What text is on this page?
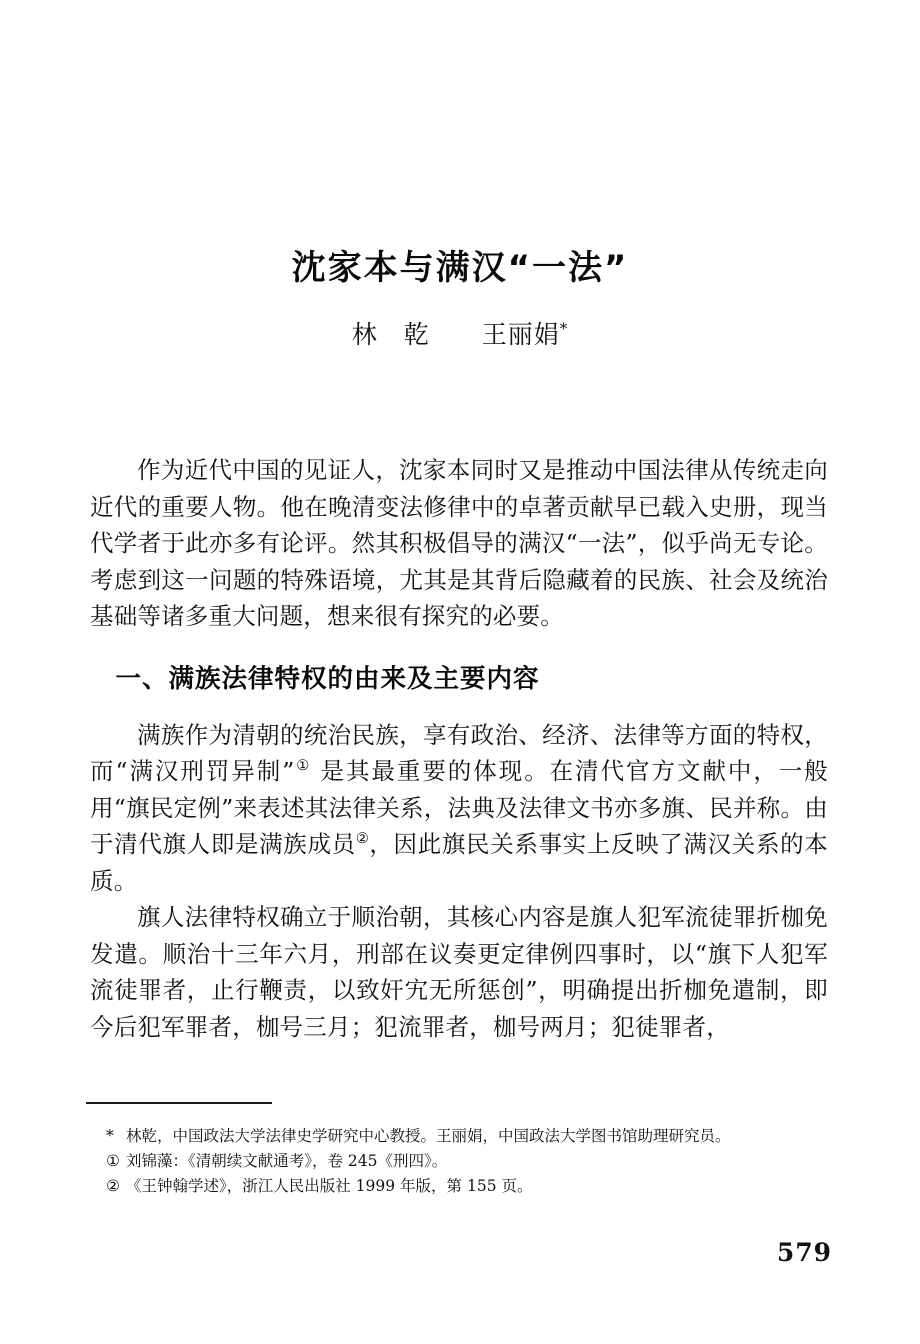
沈家本与满汉“一法”
林　乾 王丽娟*

作为近代中国的见证人，沈家本同时又是推动中国法律从传统走向近代的重要人物。他在晚清变法修律中的卓著贡献早已载入史册，现当代学者于此亦多有论评。然其积极倡导的满汉“一法”，似乎尚无专论。考虑到这一问题的特殊语境，尤其是其背后隐藏着的民族、社会及统治基础等诸多重大问题，想来很有探究的必要。

一、满族法律特权的由来及主要内容

满族作为清朝的统治民族，享有政治、经济、法律等方面的特权，而“满汉刑罚异制”① 是其最重要的体现。在清代官方文献中，一般用“旗民定例”来表述其法律关系，法典及法律文书亦多旗、民并称。由于清代旗人即是满族成员②，因此旗民关系事实上反映了满汉关系的本质。

旗人法律特权确立于顺治朝，其核心内容是旗人犯军流徒罪折枷免发遣。顺治十三年六月，刑部在议奏更定律例四事时，以“旗下人犯军流徒罪者，止行鞭责，以致奸宄无所惩创”，明确提出折枷免遣制，即今后犯军罪者，枷号三月；犯流罪者，枷号两月；犯徒罪者，

* 林乾，中国政法大学法律史学研究中心教授。王丽娟，中国政法大学图书馆助理研究员。
① 刘锦藻：《清朝续文献通考》，卷 245《刑四》。
② 《王钟翰学述》，浙江人民出版社 1999 年版，第 155 页。
579
